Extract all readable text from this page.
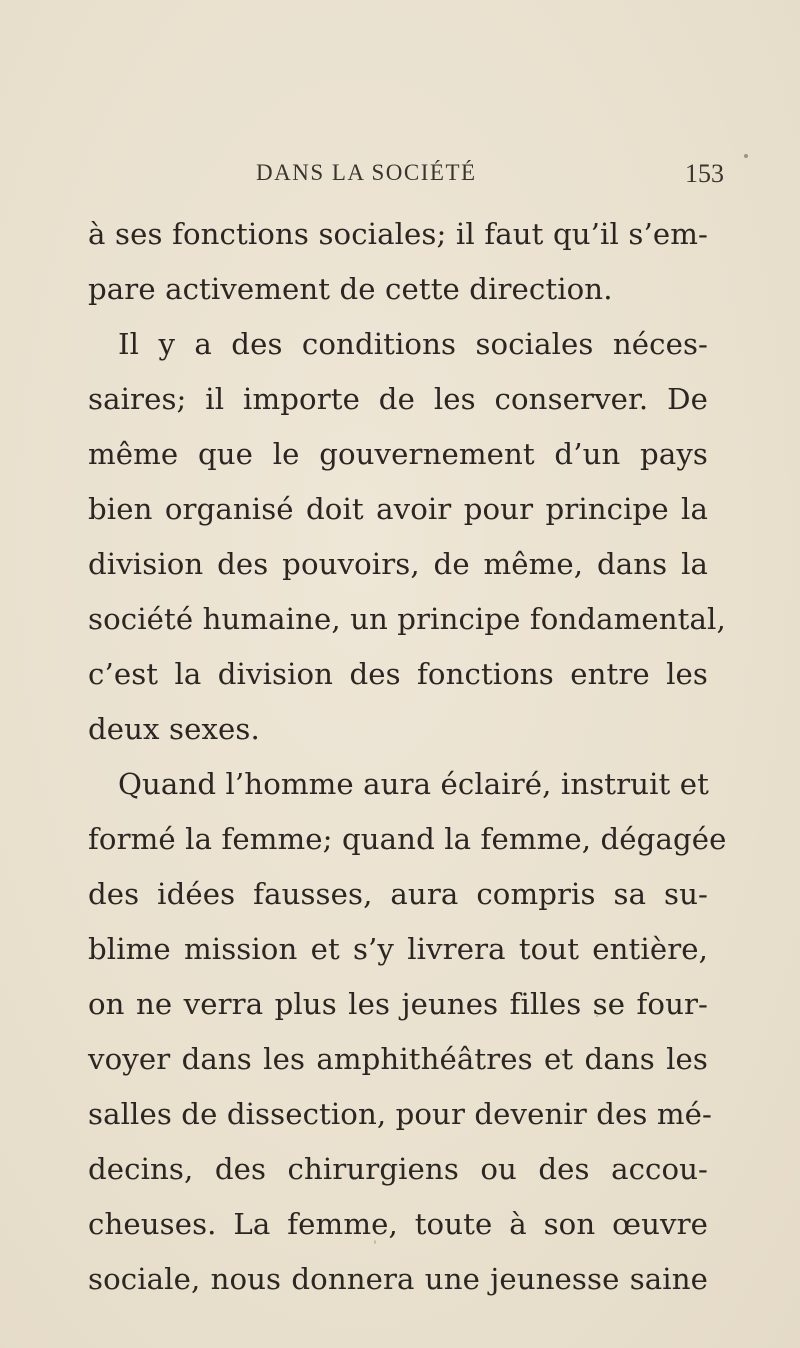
DANS LA SOCIÉTÉ	153
à ses fonctions sociales; il faut qu’il s’em-
pare activement de cette direction.
Il y a des conditions sociales néces-
saires; il importe de les conserver. De
même que le gouvernement d’un pays
bien organisé doit avoir pour principe la
division des pouvoirs, de même, dans la
société humaine, un principe fondamental,
c’est la division des fonctions entre les
deux sexes.
Quand l’homme aura éclairé, instruit et
formé la femme; quand la femme, dégagée
des idées fausses, aura compris sa su-
blime mission et s’y livrera tout entière,
on ne verra plus les jeunes filles se four-
voyer dans les amphithéâtres et dans les
salles de dissection, pour devenir des mé-
decins, des chirurgiens ou des accou-
cheuses. La femme, toute à son œuvre
sociale, nous donnera une jeunesse saine
